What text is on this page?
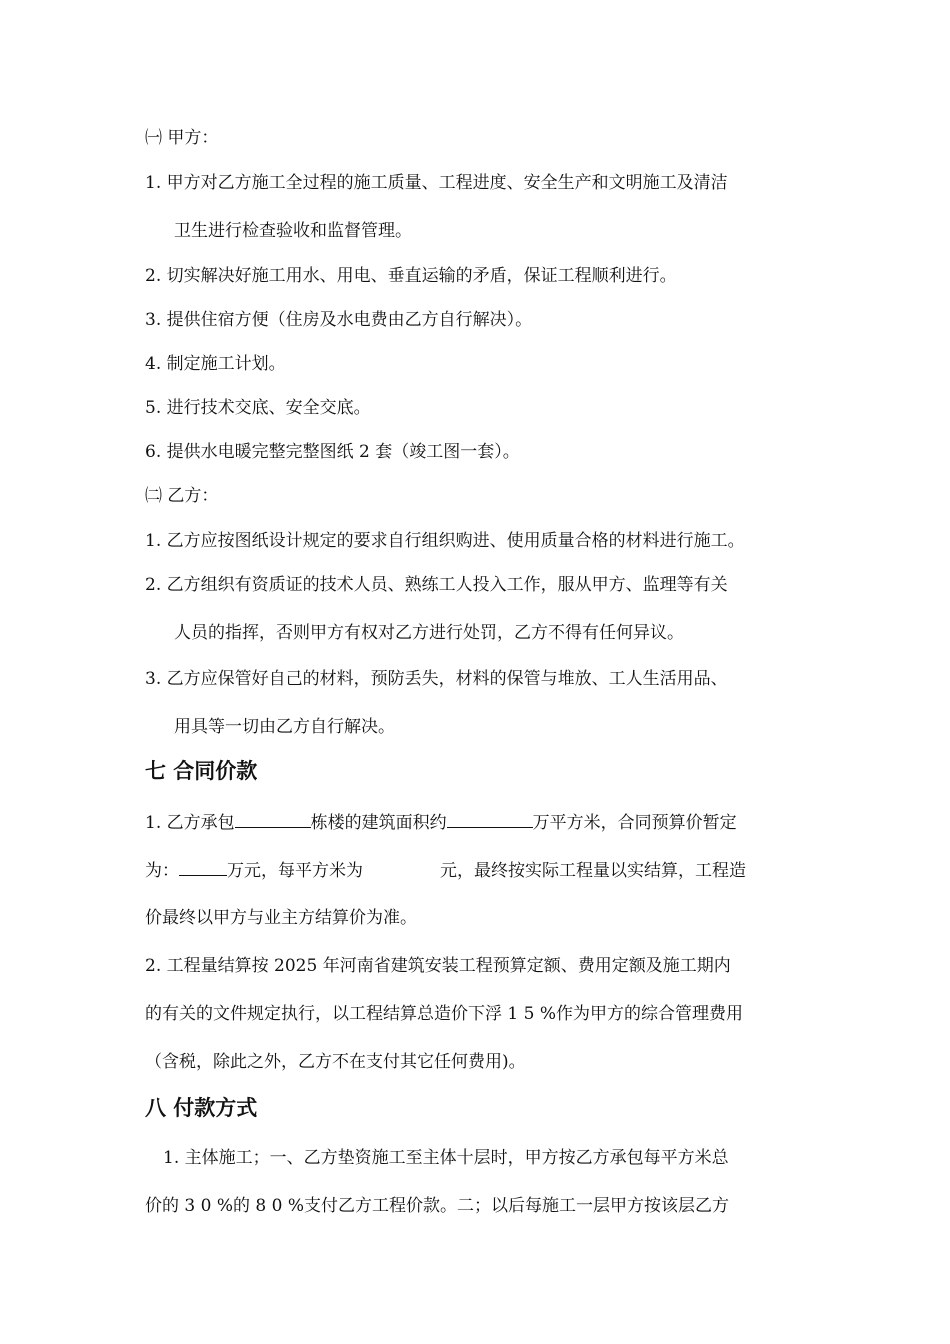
㈠ 甲方：
1. 甲方对乙方施工全过程的施工质量、工程进度、安全生产和文明施工及清洁
卫生进行检查验收和监督管理。
2. 切实解决好施工用水、用电、垂直运输的矛盾，保证工程顺利进行。
3. 提供住宿方便（住房及水电费由乙方自行解决）。
4. 制定施工计划。
5. 进行技术交底、安全交底。
6. 提供水电暖完整完整图纸 2 套（竣工图一套）。
㈡ 乙方：
1. 乙方应按图纸设计规定的要求自行组织购进、使用质量合格的材料进行施工。
2. 乙方组织有资质证的技术人员、熟练工人投入工作，服从甲方、监理等有关
人员的指挥，否则甲方有权对乙方进行处罚，乙方不得有任何异议。
3. 乙方应保管好自己的材料，预防丢失，材料的保管与堆放、工人生活用品、
用具等一切由乙方自行解决。
七 合同价款
1. 乙方承包	栋楼的建筑面积约	万平方米，合同预算价暂定
为：	万元，每平方米为	元，最终按实际工程量以实结算，工程造
价最终以甲方与业主方结算价为准。
2. 工程量结算按 2025 年河南省建筑安装工程预算定额、费用定额及施工期内
的有关的文件规定执行，以工程结算总造价下浮 1 5 %作为甲方的综合管理费用
（含税，除此之外，乙方不在支付其它任何费用)。
八 付款方式
1. 主体施工；一、乙方垫资施工至主体十层时，甲方按乙方承包每平方米总
价的 3 0 %的 8 0 %支付乙方工程价款。二；以后每施工一层甲方按该层乙方
